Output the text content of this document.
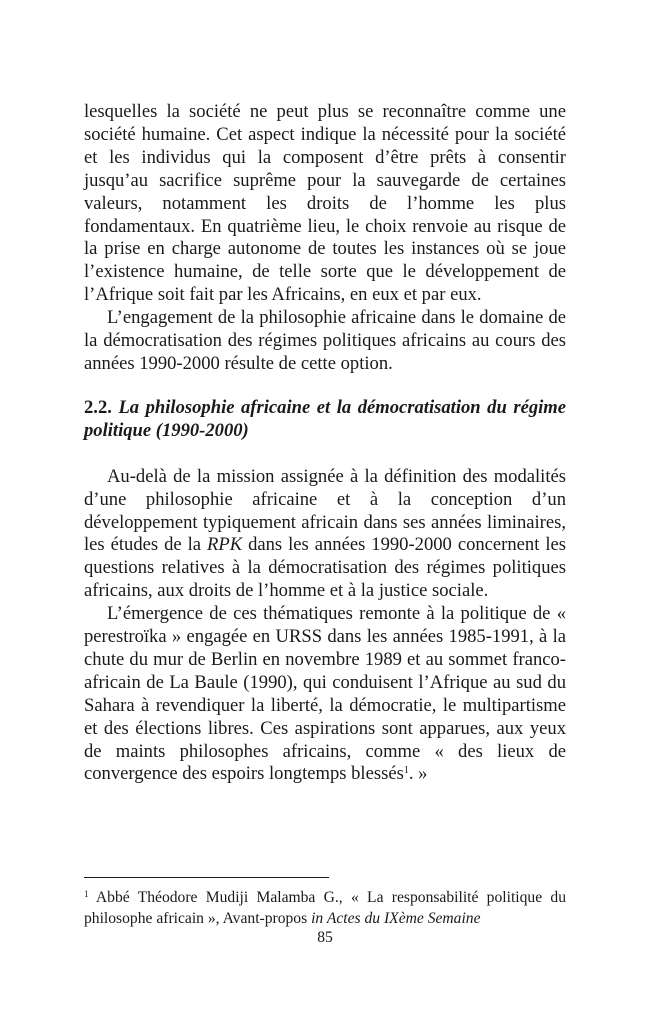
lesquelles la société ne peut plus se reconnaître comme une société humaine. Cet aspect indique la nécessité pour la société et les individus qui la composent d’être prêts à consentir jusqu’au sacrifice suprême pour la sauvegarde de certaines valeurs, notamment les droits de l’homme les plus fondamentaux. En quatrième lieu, le choix renvoie au risque de la prise en charge autonome de toutes les instances où se joue l’existence humaine, de telle sorte que le développement de l’Afrique soit fait par les Africains, en eux et par eux.

L’engagement de la philosophie africaine dans le domaine de la démocratisation des régimes politiques africains au cours des années 1990-2000 résulte de cette option.

2.2. La philosophie africaine et la démocratisation du régime politique (1990-2000)

Au-delà de la mission assignée à la définition des modalités d’une philosophie africaine et à la conception d’un développement typiquement africain dans ses années liminaires, les études de la RPK dans les années 1990-2000 concernent les questions relatives à la démocratisation des régimes politiques africains, aux droits de l’homme et à la justice sociale.

L’émergence de ces thématiques remonte à la politique de « perestroïka » engagée en URSS dans les années 1985-1991, à la chute du mur de Berlin en novembre 1989 et au sommet franco-africain de La Baule (1990), qui conduisent l’Afrique au sud du Sahara à revendiquer la liberté, la démocratie, le multipartisme et des élections libres. Ces aspirations sont apparues, aux yeux de maints philosophes africains, comme « des lieux de convergence des espoirs longtemps blessés$^1$. »

$^1$ Abbé Théodore Mudiji Malamba G., « La responsabilité politique du philosophe africain », Avant-propos in Actes du IXème Semaine

85
